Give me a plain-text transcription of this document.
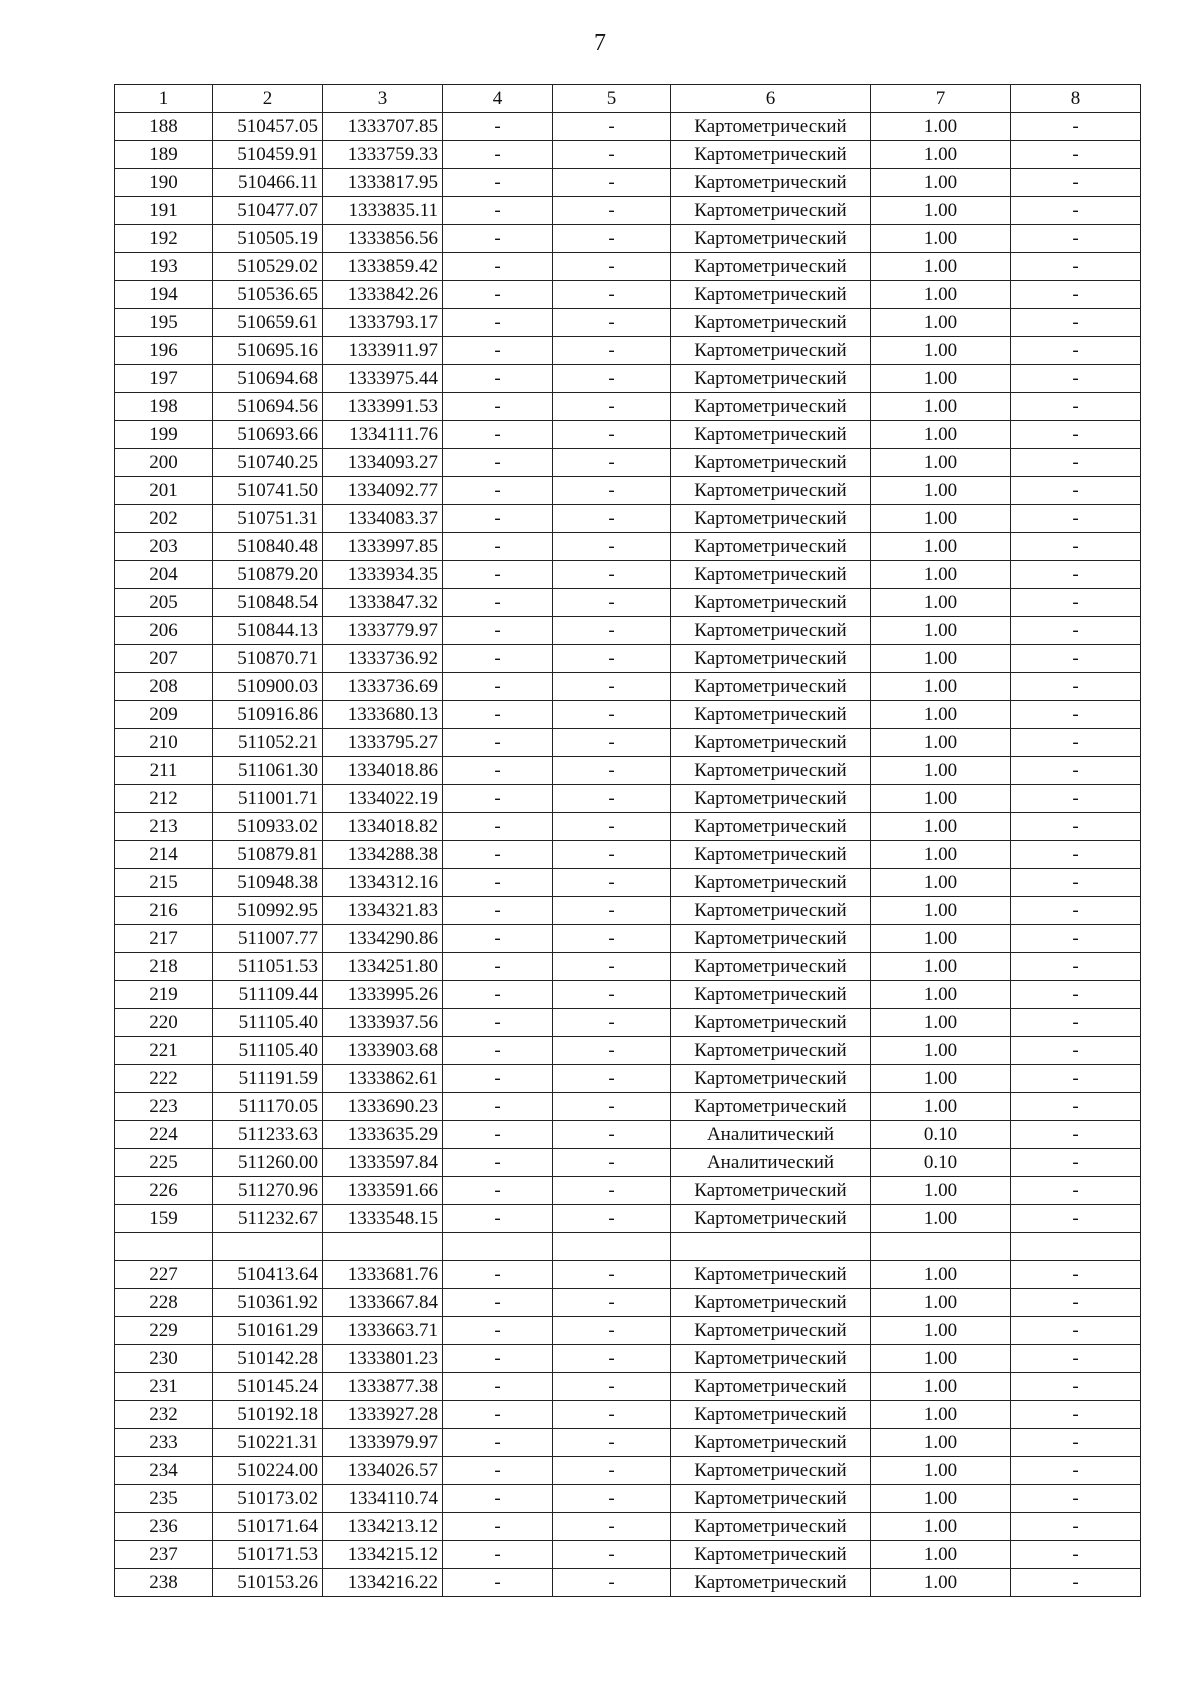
7
1	2	3	4	5	6	7	8
188	510457.05	1333707.85	-	-	Картометрический	1.00	-
189	510459.91	1333759.33	-	-	Картометрический	1.00	-
190	510466.11	1333817.95	-	-	Картометрический	1.00	-
191	510477.07	1333835.11	-	-	Картометрический	1.00	-
192	510505.19	1333856.56	-	-	Картометрический	1.00	-
193	510529.02	1333859.42	-	-	Картометрический	1.00	-
194	510536.65	1333842.26	-	-	Картометрический	1.00	-
195	510659.61	1333793.17	-	-	Картометрический	1.00	-
196	510695.16	1333911.97	-	-	Картометрический	1.00	-
197	510694.68	1333975.44	-	-	Картометрический	1.00	-
198	510694.56	1333991.53	-	-	Картометрический	1.00	-
199	510693.66	1334111.76	-	-	Картометрический	1.00	-
200	510740.25	1334093.27	-	-	Картометрический	1.00	-
201	510741.50	1334092.77	-	-	Картометрический	1.00	-
202	510751.31	1334083.37	-	-	Картометрический	1.00	-
203	510840.48	1333997.85	-	-	Картометрический	1.00	-
204	510879.20	1333934.35	-	-	Картометрический	1.00	-
205	510848.54	1333847.32	-	-	Картометрический	1.00	-
206	510844.13	1333779.97	-	-	Картометрический	1.00	-
207	510870.71	1333736.92	-	-	Картометрический	1.00	-
208	510900.03	1333736.69	-	-	Картометрический	1.00	-
209	510916.86	1333680.13	-	-	Картометрический	1.00	-
210	511052.21	1333795.27	-	-	Картометрический	1.00	-
211	511061.30	1334018.86	-	-	Картометрический	1.00	-
212	511001.71	1334022.19	-	-	Картометрический	1.00	-
213	510933.02	1334018.82	-	-	Картометрический	1.00	-
214	510879.81	1334288.38	-	-	Картометрический	1.00	-
215	510948.38	1334312.16	-	-	Картометрический	1.00	-
216	510992.95	1334321.83	-	-	Картометрический	1.00	-
217	511007.77	1334290.86	-	-	Картометрический	1.00	-
218	511051.53	1334251.80	-	-	Картометрический	1.00	-
219	511109.44	1333995.26	-	-	Картометрический	1.00	-
220	511105.40	1333937.56	-	-	Картометрический	1.00	-
221	511105.40	1333903.68	-	-	Картометрический	1.00	-
222	511191.59	1333862.61	-	-	Картометрический	1.00	-
223	511170.05	1333690.23	-	-	Картометрический	1.00	-
224	511233.63	1333635.29	-	-	Аналитический	0.10	-
225	511260.00	1333597.84	-	-	Аналитический	0.10	-
226	511270.96	1333591.66	-	-	Картометрический	1.00	-
159	511232.67	1333548.15	-	-	Картометрический	1.00	-

227	510413.64	1333681.76	-	-	Картометрический	1.00	-
228	510361.92	1333667.84	-	-	Картометрический	1.00	-
229	510161.29	1333663.71	-	-	Картометрический	1.00	-
230	510142.28	1333801.23	-	-	Картометрический	1.00	-
231	510145.24	1333877.38	-	-	Картометрический	1.00	-
232	510192.18	1333927.28	-	-	Картометрический	1.00	-
233	510221.31	1333979.97	-	-	Картометрический	1.00	-
234	510224.00	1334026.57	-	-	Картометрический	1.00	-
235	510173.02	1334110.74	-	-	Картометрический	1.00	-
236	510171.64	1334213.12	-	-	Картометрический	1.00	-
237	510171.53	1334215.12	-	-	Картометрический	1.00	-
238	510153.26	1334216.22	-	-	Картометрический	1.00	-
